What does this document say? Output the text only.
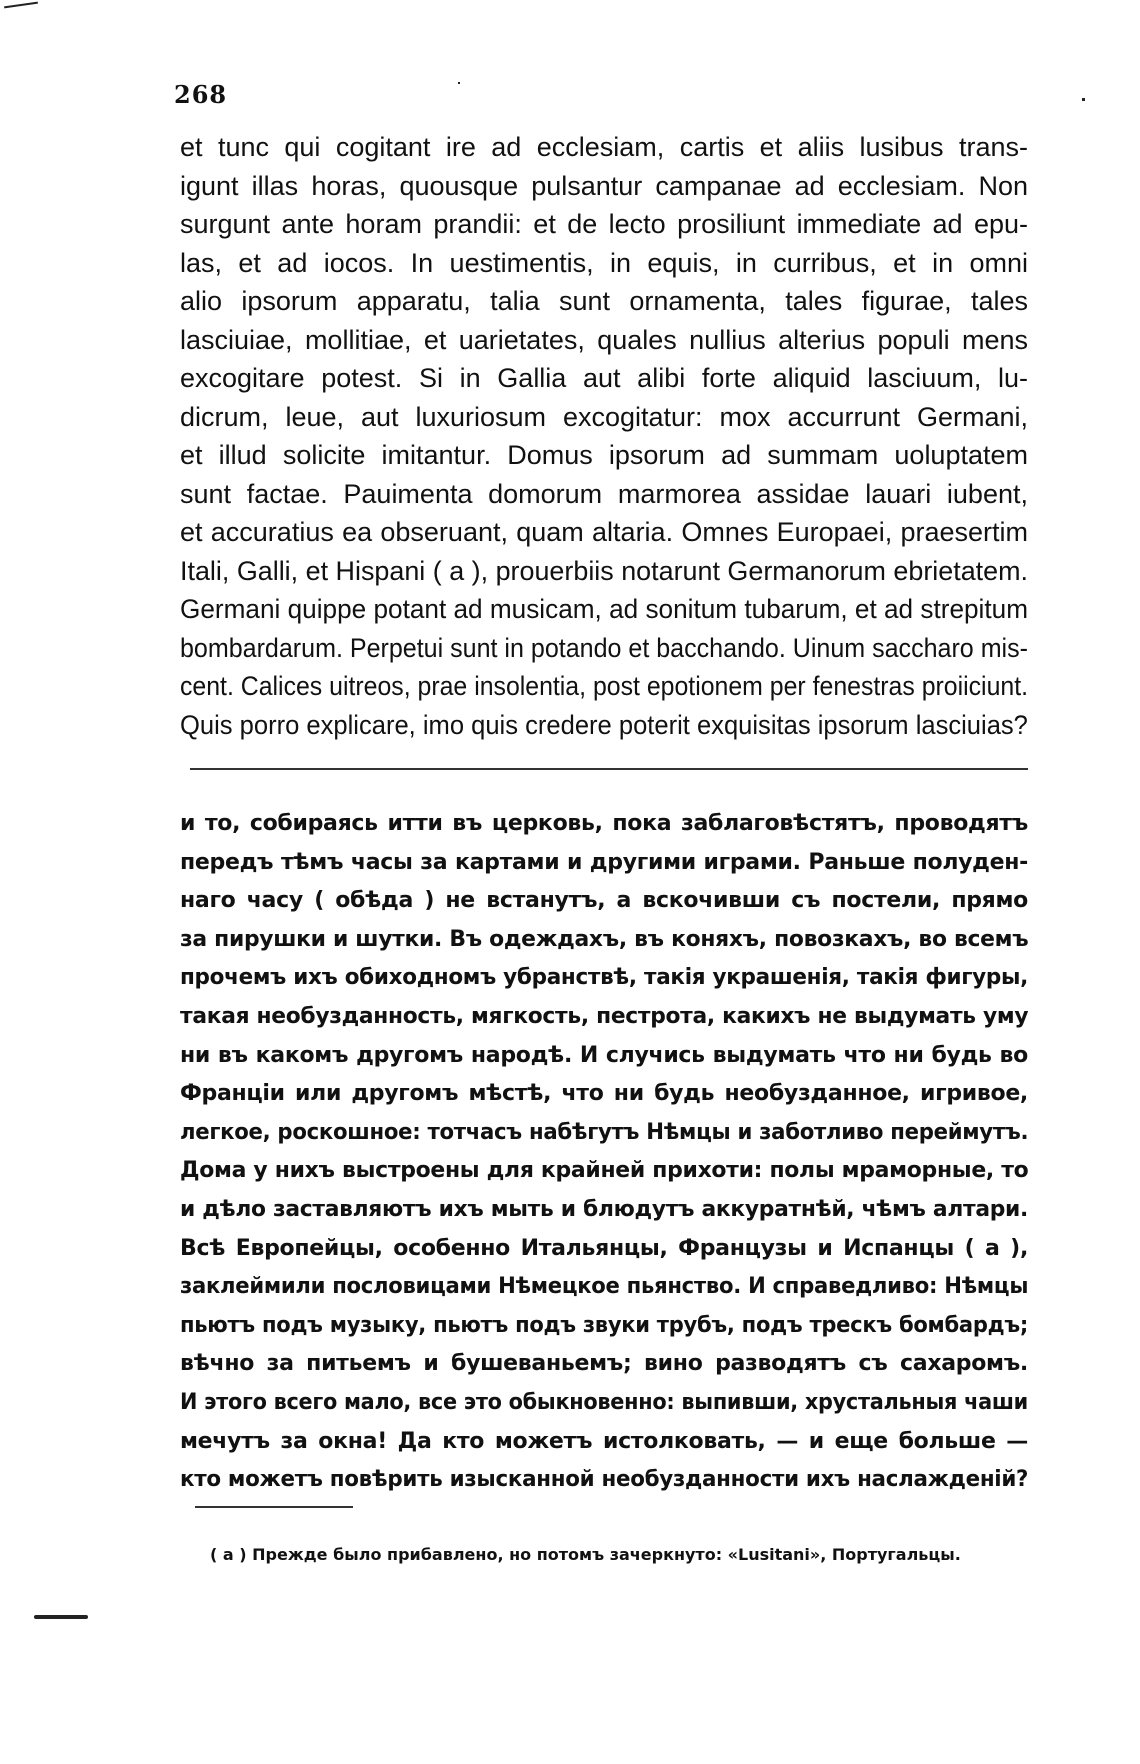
268
et tunc qui cogitant ire ad ecclesiam, cartis et aliis lusibus trans-
igunt illas horas, quousque pulsantur campanae ad ecclesiam. Non
surgunt ante horam prandii: et de lecto prosiliunt immediate ad epu-
las, et ad iocos. In uestimentis, in equis, in curribus, et in omni
alio ipsorum apparatu, talia sunt ornamenta, tales figurae, tales
lasciuiae, mollitiae, et uarietates, quales nullius alterius populi mens
excogitare potest. Si in Gallia aut alibi forte aliquid lasciuum, lu-
dicrum, leue, aut luxuriosum excogitatur: mox accurrunt Germani,
et illud solicite imitantur. Domus ipsorum ad summam uoluptatem
sunt factae. Pauimenta domorum marmorea assidae lauari iubent,
et accuratius ea obseruant, quam altaria. Omnes Europaei, praesertim
Itali, Galli, et Hispani ( a ), prouerbiis notarunt Germanorum ebrietatem.
Germani quippe potant ad musicam, ad sonitum tubarum, et ad strepitum
bombardarum. Perpetui sunt in potando et bacchando. Uinum saccharo mis-
cent. Calices uitreos, prae insolentia, post epotionem per fenestras proiiciunt.
Quis porro explicare, imo quis credere poterit exquisitas ipsorum lasciuias?
и то, собираясь итти въ церковь, пока заблаговѣстятъ, проводятъ
передъ тѣмъ часы за картами и другими играми. Раньше полуден-
наго часу ( обѣда ) не встанутъ, а вскочивши съ постели, прямо
за пирушки и шутки. Въ одеждахъ, въ коняхъ, повозкахъ, во всемъ
прочемъ ихъ обиходномъ убранствѣ, такія украшенія, такія фигуры,
такая необузданность, мягкость, пестрота, какихъ не выдумать уму
ни въ какомъ другомъ народѣ. И случись выдумать что ни будь во
Франціи или другомъ мѣстѣ, что ни будь необузданное, игривое,
легкое, роскошное: тотчасъ набѣгутъ Нѣмцы и заботливо переймутъ.
Дома у нихъ выстроены для крайней прихоти: полы мраморные, то
и дѣло заставляютъ ихъ мыть и блюдутъ аккуратнѣй, чѣмъ алтари.
Всѣ Европейцы, особенно Итальянцы, Французы и Испанцы ( а ),
заклеймили пословицами Нѣмецкое пьянство. И справедливо: Нѣмцы
пьютъ подъ музыку, пьютъ подъ звуки трубъ, подъ трескъ бомбардъ;
вѣчно за питьемъ и бушеваньемъ; вино разводятъ съ сахаромъ.
И этого всего мало, все это обыкновенно: выпивши, хрустальныя чаши
мечутъ за окна! Да кто можетъ истолковать, — и еще больше —
кто можетъ повѣрить изысканной необузданности ихъ наслажденій?
( а ) Прежде было прибавлено, но потомъ зачеркнуто: «Lusitani», Португальцы.
